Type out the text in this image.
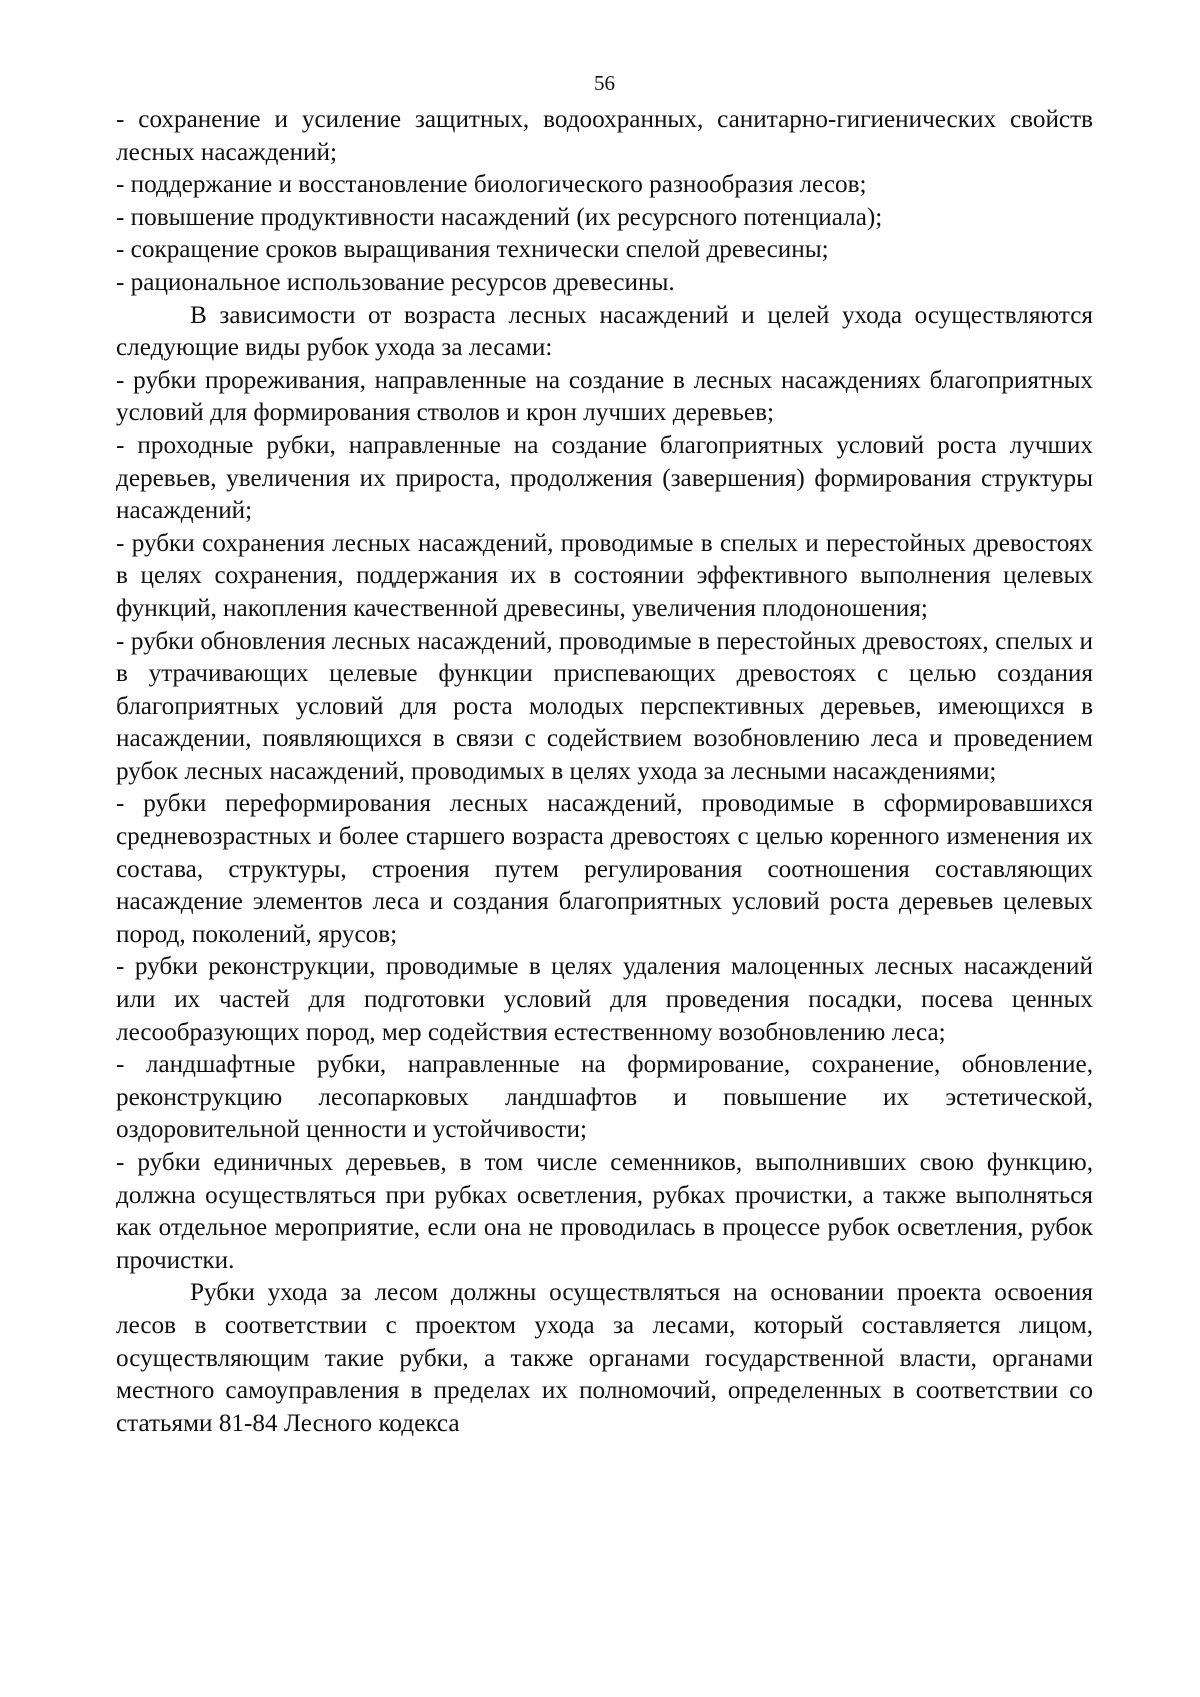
56

- сохранение и усиление защитных, водоохранных, санитарно-гигиенических свойств лесных насаждений;

- поддержание и восстановление биологического разнообразия лесов;

- повышение продуктивности насаждений (их ресурсного потенциала);

- сокращение сроков выращивания технически спелой древесины;

- рациональное использование ресурсов древесины.

В зависимости от возраста лесных насаждений и целей ухода осуществляются следующие виды рубок ухода за лесами:

- рубки прореживания, направленные на создание в лесных насаждениях благоприятных условий для формирования стволов и крон лучших деревьев;

- проходные рубки, направленные на создание благоприятных условий роста лучших деревьев, увеличения их прироста, продолжения (завершения) формирования структуры насаждений;

- рубки сохранения лесных насаждений, проводимые в спелых и перестойных древостоях в целях сохранения, поддержания их в состоянии эффективного выполнения целевых функций, накопления качественной древесины, увеличения плодоношения;

- рубки обновления лесных насаждений, проводимые в перестойных древостоях, спелых и в утрачивающих целевые функции приспевающих древостоях с целью создания благоприятных условий для роста молодых перспективных деревьев, имеющихся в насаждении, появляющихся в связи с содействием возобновлению леса и проведением рубок лесных насаждений, проводимых в целях ухода за лесными насаждениями;

- рубки переформирования лесных насаждений, проводимые в сформировавшихся средневозрастных и более старшего возраста древостоях с целью коренного изменения их состава, структуры, строения путем регулирования соотношения составляющих насаждение элементов леса и создания благоприятных условий роста деревьев целевых пород, поколений, ярусов;

- рубки реконструкции, проводимые в целях удаления малоценных лесных насаждений или их частей для подготовки условий для проведения посадки, посева ценных лесообразующих пород, мер содействия естественному возобновлению леса;

- ландшафтные рубки, направленные на формирование, сохранение, обновление, реконструкцию лесопарковых ландшафтов и повышение их эстетической, оздоровительной ценности и устойчивости;

- рубки единичных деревьев, в том числе семенников, выполнивших свою функцию, должна осуществляться при рубках осветления, рубках прочистки, а также выполняться как отдельное мероприятие, если она не проводилась в процессе рубок осветления, рубок прочистки.

Рубки ухода за лесом должны осуществляться на основании проекта освоения лесов в соответствии с проектом ухода за лесами, который составляется лицом, осуществляющим такие рубки, а также органами государственной власти, органами местного самоуправления в пределах их полномочий, определенных в соответствии со статьями 81-84 Лесного кодекса
